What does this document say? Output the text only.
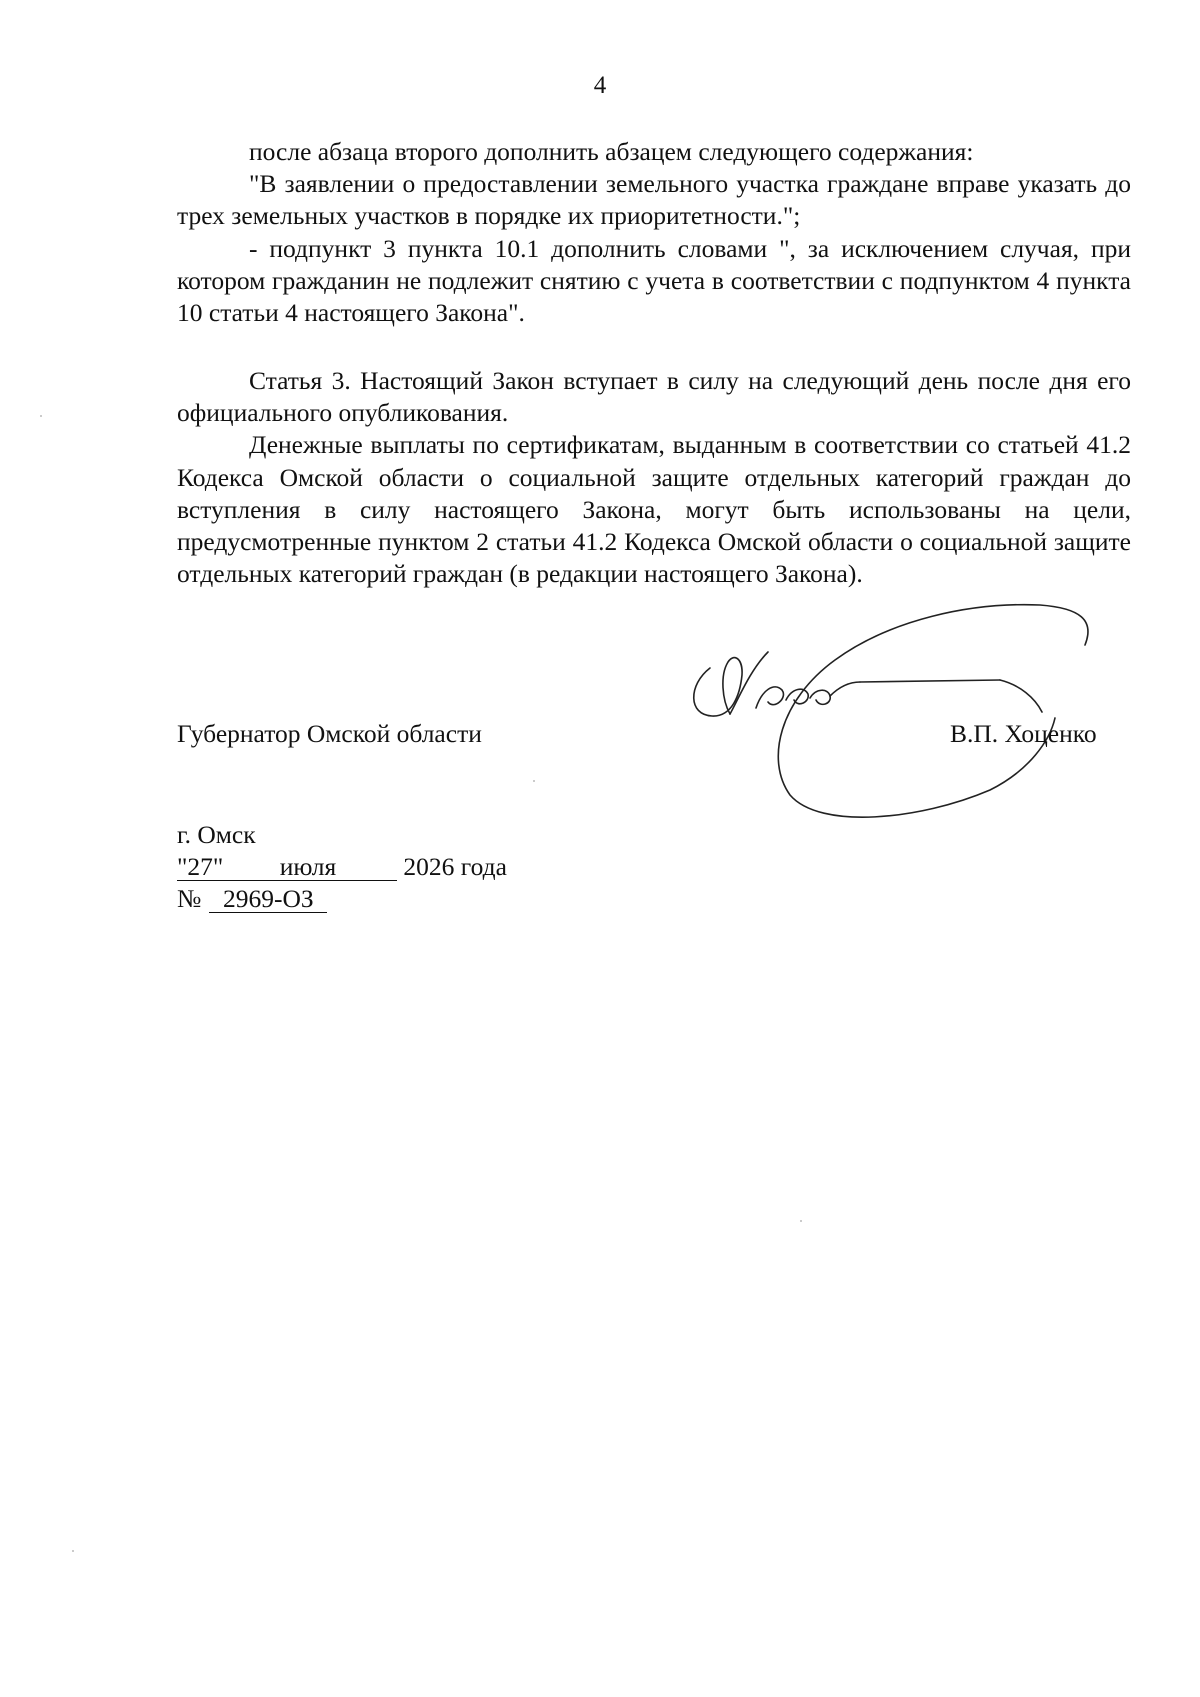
4

после абзаца второго дополнить абзацем следующего содержания:

"В заявлении о предоставлении земельного участка граждане вправе указать до трех земельных участков в порядке их приоритетности.";

- подпункт 3 пункта 10.1 дополнить словами ", за исключением случая, при котором гражданин не подлежит снятию с учета в соответствии с подпунктом 4 пункта 10 статьи 4 настоящего Закона".

Статья 3. Настоящий Закон вступает в силу на следующий день после дня его официального опубликования.

Денежные выплаты по сертификатам, выданным в соответствии со статьей 41.2 Кодекса Омской области о социальной защите отдельных категорий граждан до вступления в силу настоящего Закона, могут быть использованы на цели, предусмотренные пунктом 2 статьи 41.2 Кодекса Омской области о социальной защите отдельных категорий граждан (в редакции настоящего Закона).

Губернатор Омской области	В.П. Хоценко
г. Омск
"27" июля	2026 года
№ 2969-ОЗ
